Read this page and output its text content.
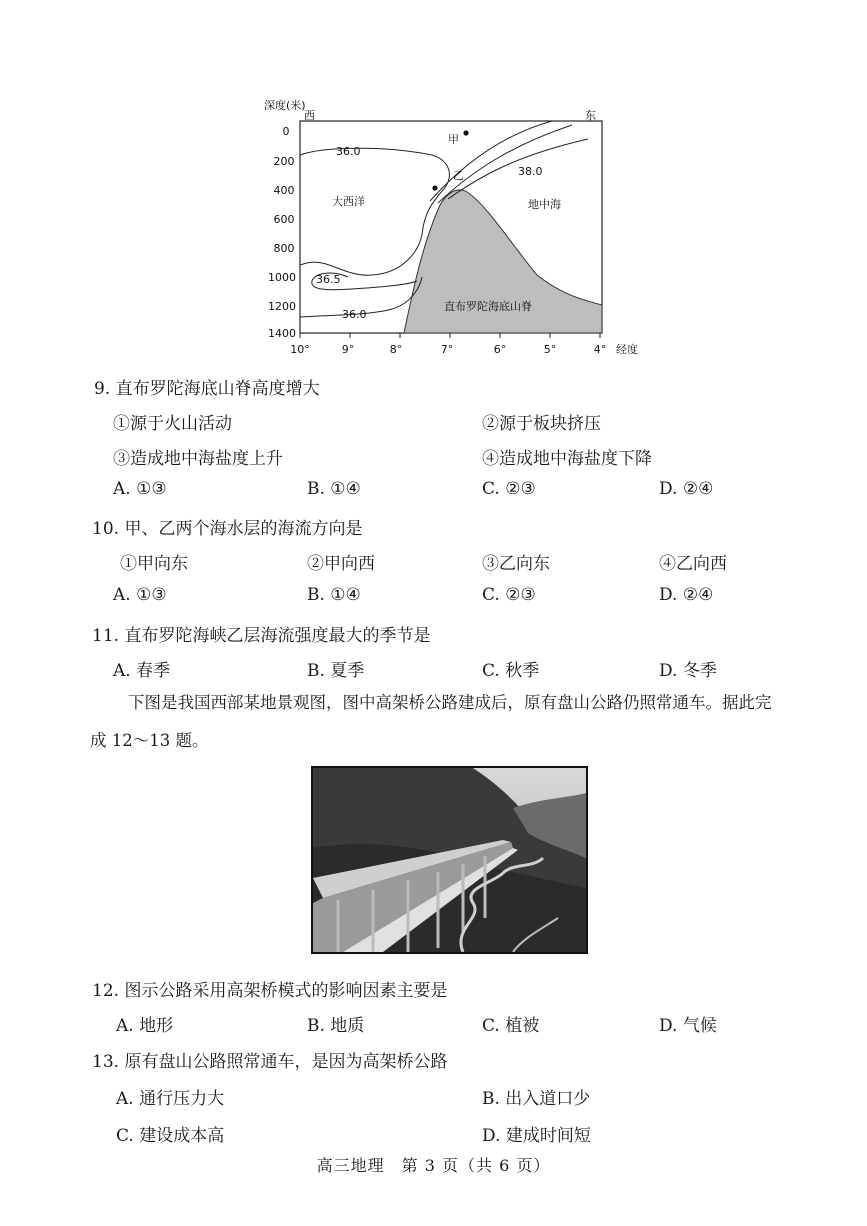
深度(米)
西	东
0
200
400
600
800
1000
1200
1400
10°	9°	8°	7°	6°	5°	4° 经度
大西洋	地中海
直布罗陀海底山脊
甲
乙
36.0
36.5
36.0
38.0
9. 直布罗陀海底山脊高度增大
①源于火山活动	②源于板块挤压
③造成地中海盐度上升	④造成地中海盐度下降
A. ①③	B. ①④	C. ②③	D. ②④
10. 甲、乙两个海水层的海流方向是
①甲向东	②甲向西	③乙向东	④乙向西
A. ①③	B. ①④	C. ②③	D. ②④
11. 直布罗陀海峡乙层海流强度最大的季节是
A. 春季	B. 夏季	C. 秋季	D. 冬季
下图是我国西部某地景观图，图中高架桥公路建成后，原有盘山公路仍照常通车。据此完
成 12～13 题。
12. 图示公路采用高架桥模式的影响因素主要是
A. 地形	B. 地质	C. 植被	D. 气候
13. 原有盘山公路照常通车，是因为高架桥公路
A. 通行压力大	B. 出入道口少
C. 建设成本高	D. 建成时间短
高三地理　第 3 页（共 6 页）
